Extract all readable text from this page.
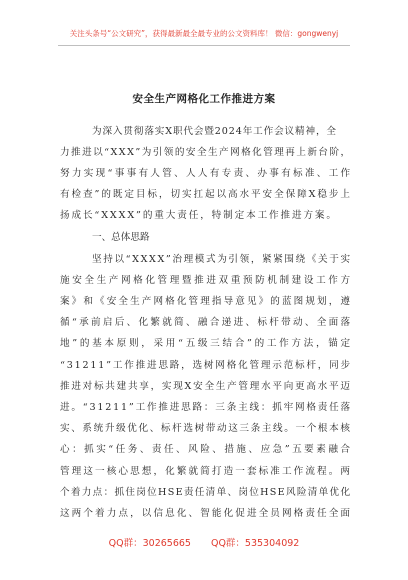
关注头条号“公文研究”，获得最新最全最专业的公文资料库！ 微信：gongwenyj
安全生产网格化工作推进方案
为深入贯彻落实X职代会暨2024年工作会议精神，全
力推进以“XXX”为引领的安全生产网格化管理再上新台阶，
努力实现“事事有人管、人人有专责、办事有标准、工作
有检查”的既定目标，切实扛起以高水平安全保障X稳步上
扬成长“XXXX”的重大责任，特制定本工作推进方案。
一、总体思路
坚持以“XXXX”治理模式为引领，紧紧围绕《关于实
施安全生产网格化管理暨推进双重预防机制建设工作方
案》和《安全生产网格化管理指导意见》的蓝图规划，遵
循“承前启后、化繁就简、融合递进、标杆带动、全面落
地”的基本原则，采用“五级三结合”的工作方法，锚定
“31211”工作推进思路，选树网格化管理示范标杆，同步
推进对标共建共享，实现X安全生产管理水平向更高水平迈
进。“31211”工作推进思路：三条主线：抓牢网格责任落
实、系统升级优化、标杆选树带动这三条主线。一个根本核
心：抓实“任务、责任、风险、措施、应急”五要素融合
管理这一核心思想，化繁就简打造一套标准工作流程。两
个着力点：抓住岗位HSE责任清单、岗位HSE风险清单优化
这两个着力点，以信息化、智能化促进全员网格责任全面
QQ群：30265665 QQ群：535304092
